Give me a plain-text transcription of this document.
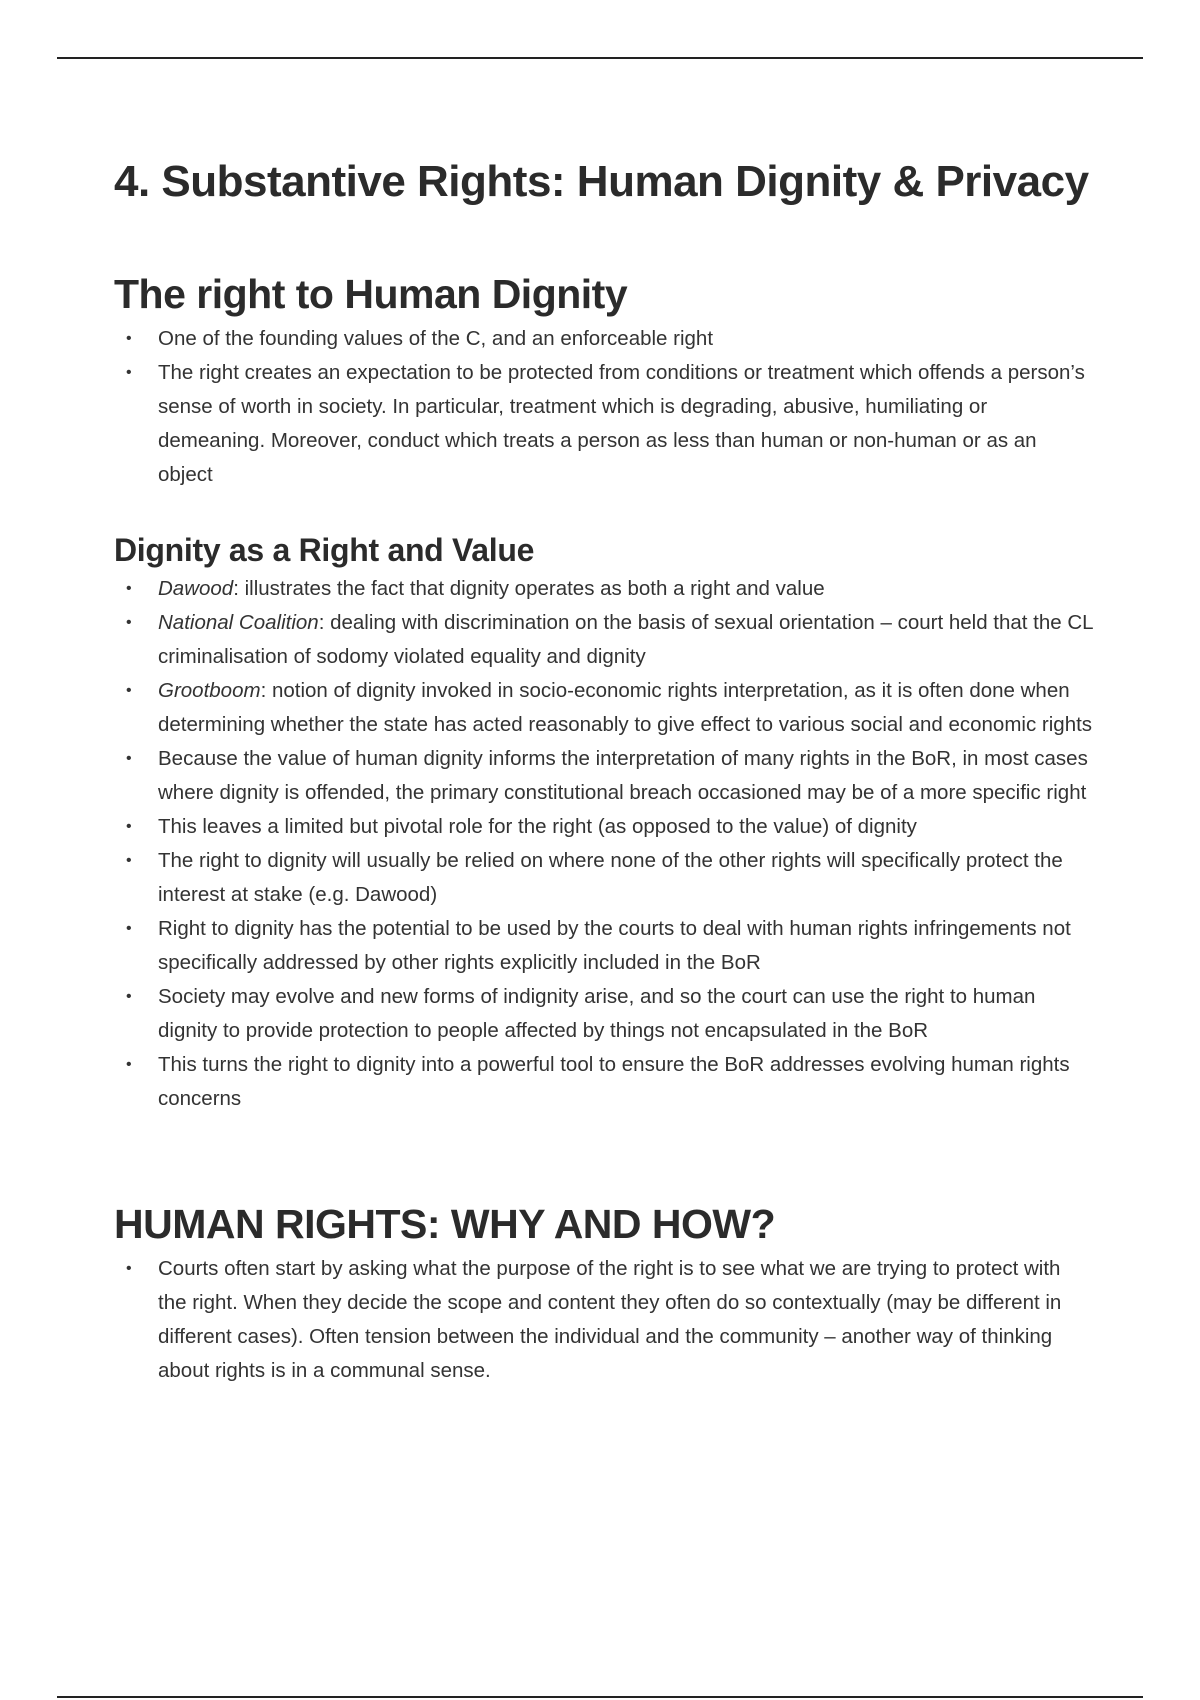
4. Substantive Rights: Human Dignity & Privacy
The right to Human Dignity
• One of the founding values of the C, and an enforceable right
• The right creates an expectation to be protected from conditions or treatment which offends a person’s sense of worth in society. In particular, treatment which is degrading, abusive, humiliating or demeaning. Moreover, conduct which treats a person as less than human or non-human or as an object
Dignity as a Right and Value
• Dawood: illustrates the fact that dignity operates as both a right and value
• National Coalition: dealing with discrimination on the basis of sexual orientation – court held that the CL criminalisation of sodomy violated equality and dignity
• Grootboom: notion of dignity invoked in socio-economic rights interpretation, as it is often done when determining whether the state has acted reasonably to give effect to various social and economic rights
• Because the value of human dignity informs the interpretation of many rights in the BoR, in most cases where dignity is offended, the primary constitutional breach occasioned may be of a more specific right
• This leaves a limited but pivotal role for the right (as opposed to the value) of dignity
• The right to dignity will usually be relied on where none of the other rights will specifically protect the interest at stake (e.g. Dawood)
• Right to dignity has the potential to be used by the courts to deal with human rights infringements not specifically addressed by other rights explicitly included in the BoR
• Society may evolve and new forms of indignity arise, and so the court can use the right to human dignity to provide protection to people affected by things not encapsulated in the BoR
• This turns the right to dignity into a powerful tool to ensure the BoR addresses evolving human rights concerns
HUMAN RIGHTS: WHY AND HOW?
• Courts often start by asking what the purpose of the right is to see what we are trying to protect with the right. When they decide the scope and content they often do so contextually (may be different in different cases). Often tension between the individual and the community – another way of thinking about rights is in a communal sense.
